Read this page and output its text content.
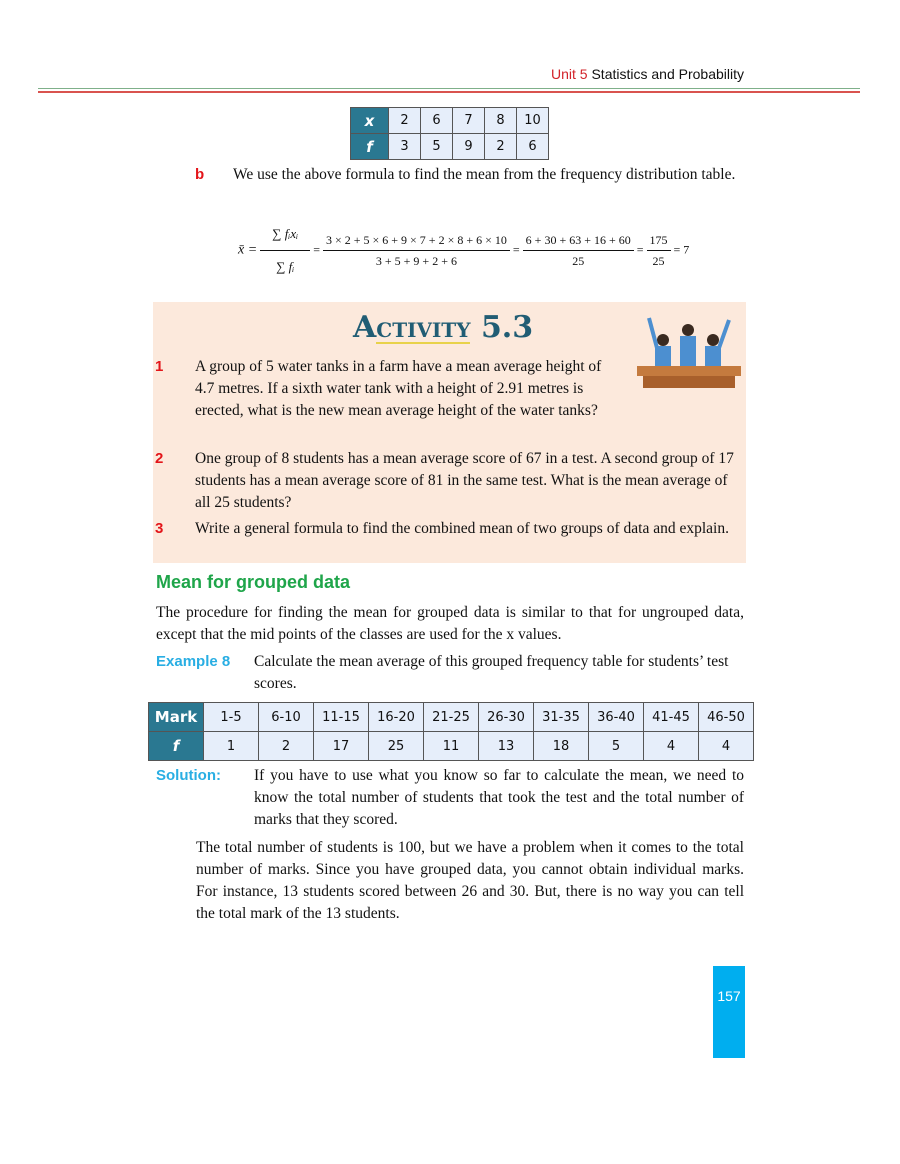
Unit 5 Statistics and Probability
x	2	6	7	8	10
f	3	5	9	2	6
b We use the above formula to find the mean from the frequency distribution table.
x̄ = $\frac{\text{∑ fᵢxᵢ}}{\text{∑ fᵢ}} = \frac{3 \times 2 + 5 \times 6 + 9 \times 7 + 2 \times 8 + 6 \times 10}{3 + 5 + 9 + 2 + 6} = \frac{6 + 30 + 63 + 16 + 60}{25} = \frac{175}{25} = 7$
ACTIVITY 5.3
1 A group of 5 water tanks in a farm have a mean average height of 4.7 metres. If a sixth water tank with a height of 2.91 metres is erected, what is the new mean average height of the water tanks?
2 One group of 8 students has a mean average score of 67 in a test. A second group of 17 students has a mean average score of 81 in the same test. What is the mean average of all 25 students?
3 Write a general formula to find the combined mean of two groups of data and explain.
Mean for grouped data
The procedure for finding the mean for grouped data is similar to that for ungrouped data, except that the mid points of the classes are used for the x values.
Example 8 Calculate the mean average of this grouped frequency table for students’ test scores.
Mark	1-5	6-10	11-15	16-20	21-25	26-30	31-35	36-40	41-45	46-50
f	1	2	17	25	11	13	18	5	4	4
Solution: If you have to use what you know so far to calculate the mean, we need to know the total number of students that took the test and the total number of marks that they scored.
The total number of students is 100, but we have a problem when it comes to the total number of marks. Since you have grouped data, you cannot obtain individual marks. For instance, 13 students scored between 26 and 30. But, there is no way you can tell the total mark of the 13 students.
157
